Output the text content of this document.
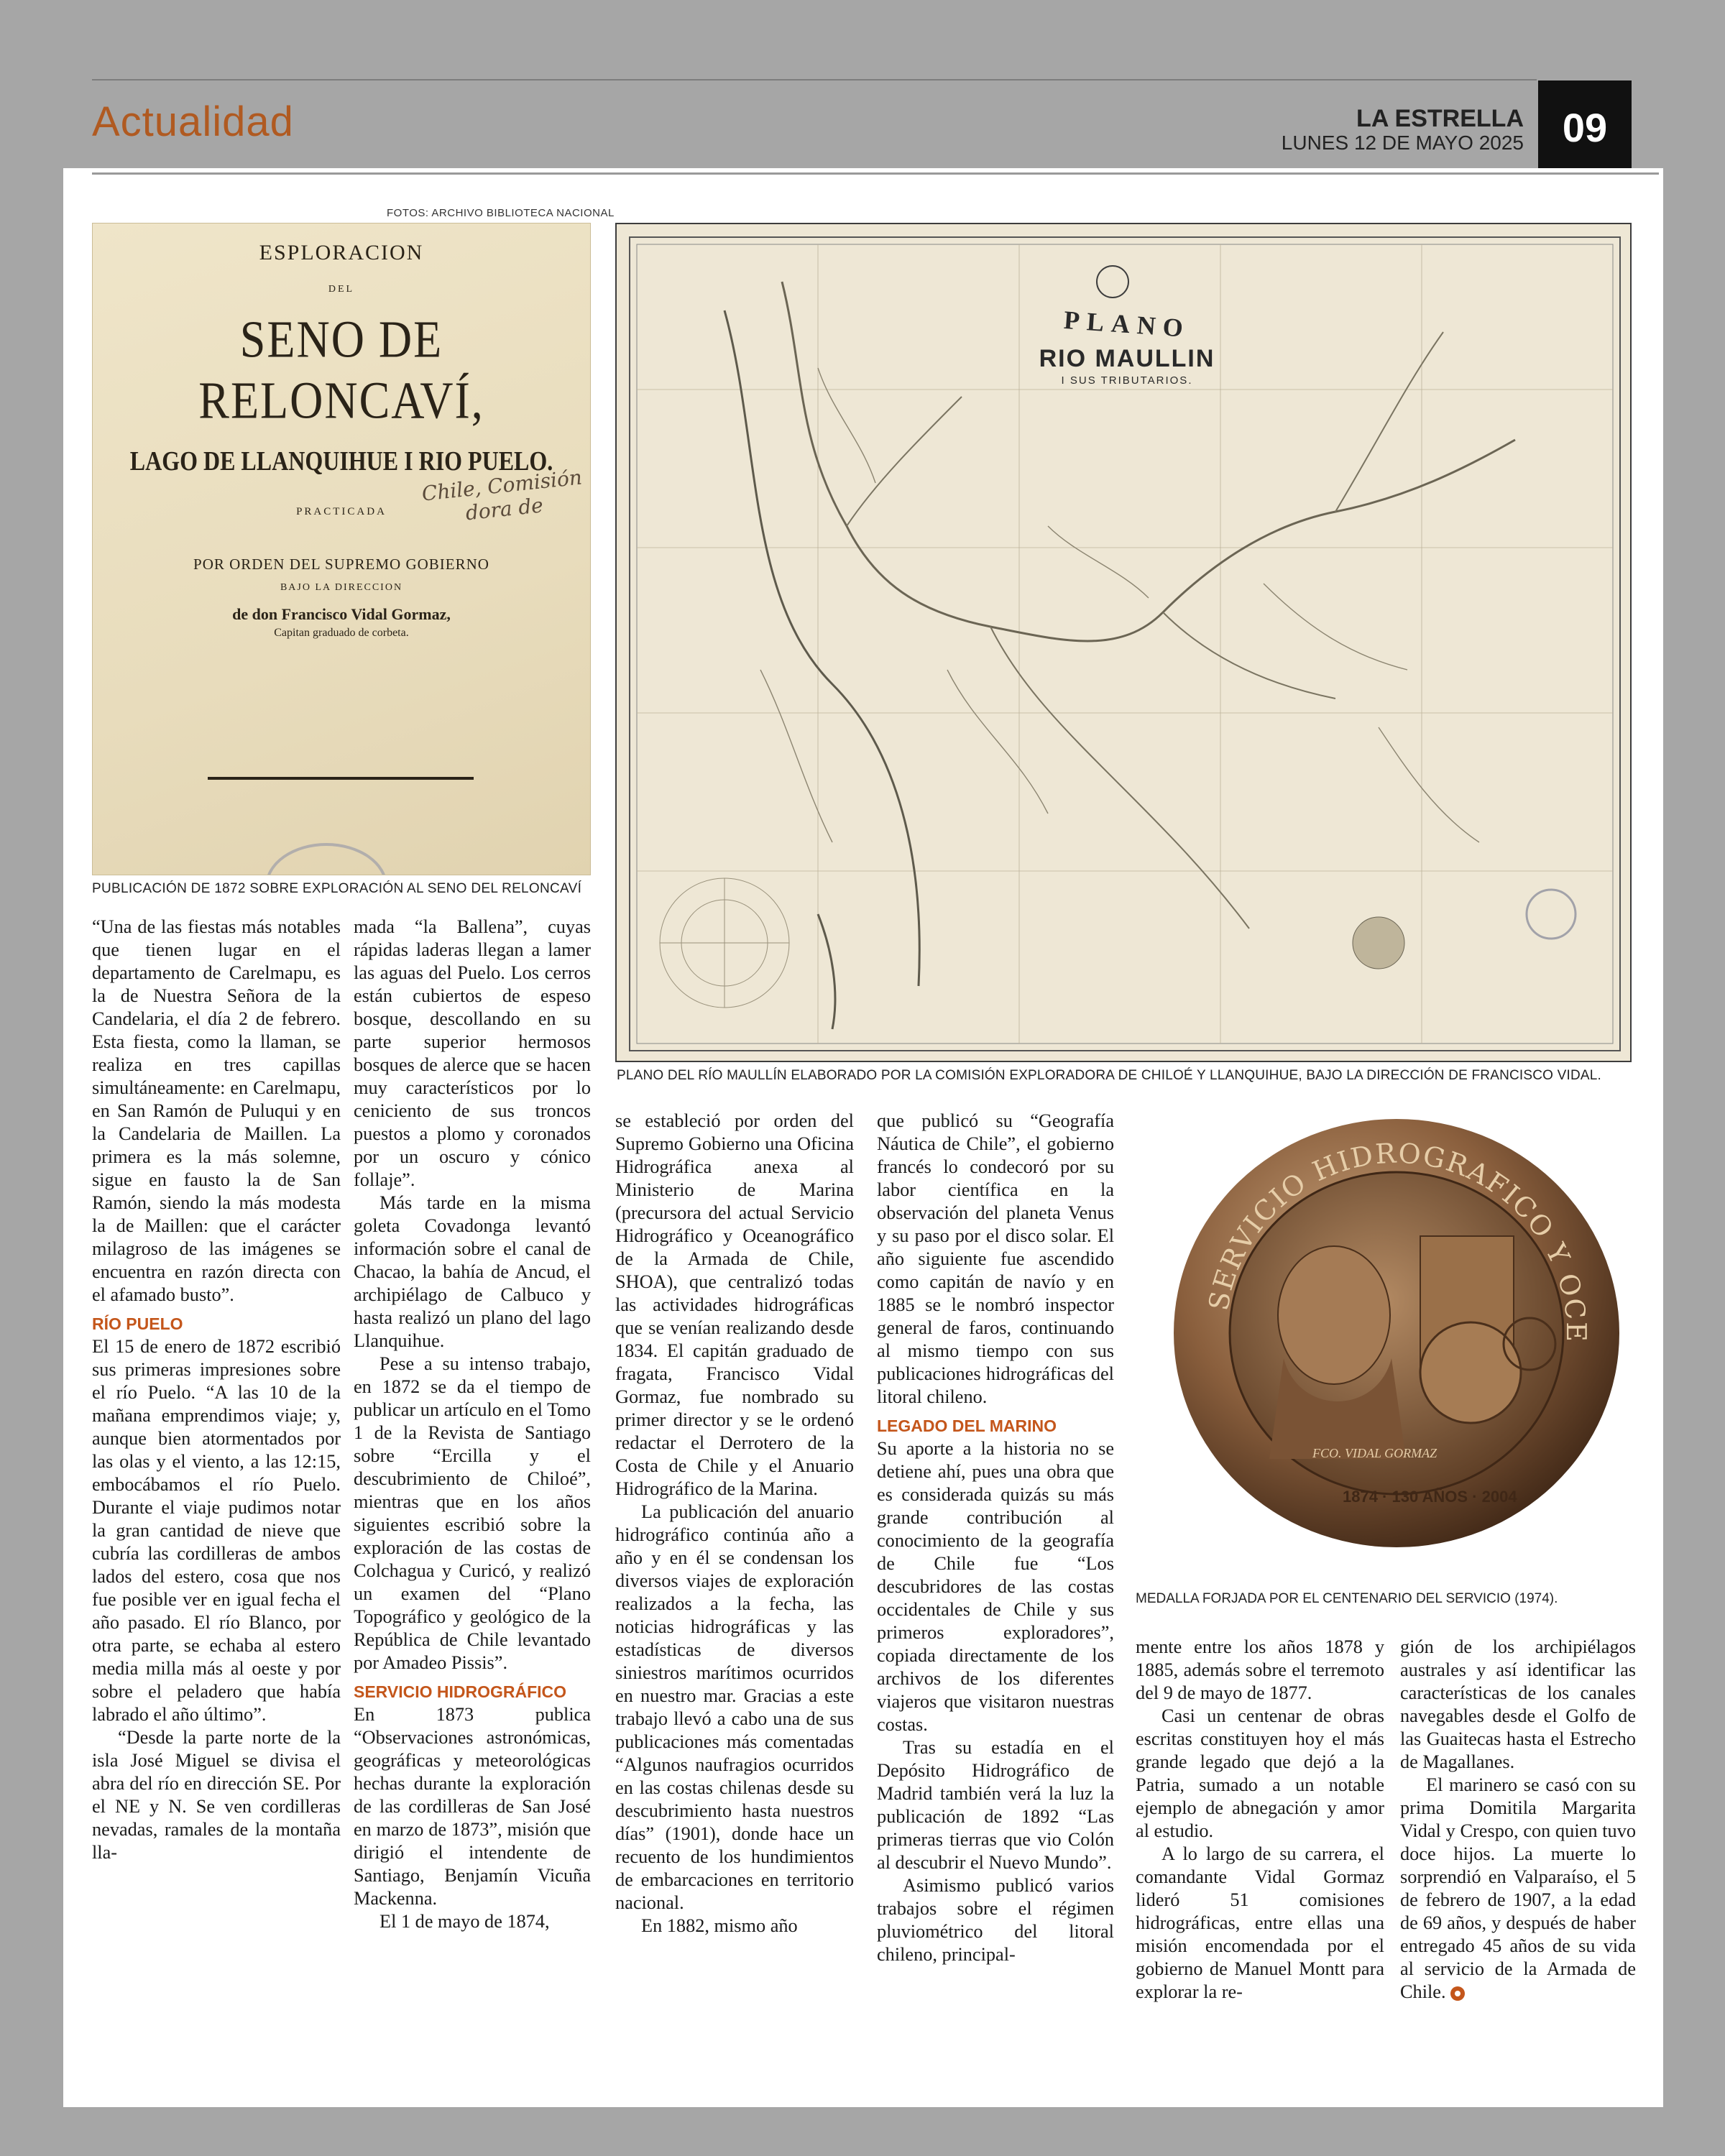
Actualidad	LA ESTRELLA
LUNES 12 DE MAYO 2025 09
FOTOS: ARCHIVO BIBLIOTECA NACIONAL
ESPLORACION
DEL
SENO DE RELONCAVÍ,
LAGO DE LLANQUIHUE I RIO PUELO.
PRACTICADA
POR ORDEN DEL SUPREMO GOBIERNO
BAJO LA DIRECCION
de don Francisco Vidal Gormaz,
Capitan graduado de corbeta.
Chile, Comisión dora de
1970
PUBLICACIÓN DE 1872 SOBRE EXPLORACIÓN AL SENO DEL RELONCAVÍ
PLANO
RIO MAULLIN
I SUS TRIBUTARIOS.
PLANO DEL RÍO MAULLÍN ELABORADO POR LA COMISIÓN EXPLORADORA DE CHILOÉ Y LLANQUIHUE, BAJO LA DIRECCIÓN DE FRANCISCO VIDAL.
SERVICIO HIDROGRAFICO Y OCE
FCO. VIDAL GORMAZ
1874 · 130 AÑOS · 2004
MEDALLA FORJADA POR EL CENTENARIO DEL SERVICIO (1974).

“Una de las fiestas más notables que tienen lugar en el departamento de Carelmapu, es la de Nuestra Señora de la Candelaria, el día 2 de febrero. Esta fiesta, como la llaman, se realiza en tres capillas simultáneamente: en Carelmapu, en San Ramón de Puluqui y en la Candelaria de Maillen. La primera es la más solemne, sigue en fausto la de San Ramón, siendo la más modesta la de Maillen: que el carácter milagroso de las imágenes se encuentra en razón directa con el afamado busto”.

RÍO PUELO

El 15 de enero de 1872 escribió sus primeras impresiones sobre el río Puelo. “A las 10 de la mañana emprendimos viaje; y, aunque bien atormentados por las olas y el viento, a las 12:15, embocábamos el río Puelo. Durante el viaje pudimos notar la gran cantidad de nieve que cubría las cordilleras de ambos lados del estero, cosa que nos fue posible ver en igual fecha el año pasado. El río Blanco, por otra parte, se echaba al estero media milla más al oeste y por sobre el peladero que había labrado el año último”.

“Desde la parte norte de la isla José Miguel se divisa el abra del río en dirección SE. Por el NE y N. Se ven cordilleras nevadas, ramales de la montaña lla-

mada “la Ballena”, cuyas rápidas laderas llegan a lamer las aguas del Puelo. Los cerros están cubiertos de espeso bosque, descollando en su parte superior hermosos bosques de alerce que se hacen muy característicos por lo ceniciento de sus troncos puestos a plomo y coronados por un oscuro y cónico follaje”.

Más tarde en la misma goleta Covadonga levantó información sobre el canal de Chacao, la bahía de Ancud, el archipiélago de Calbuco y hasta realizó un plano del lago Llanquihue.

Pese a su intenso trabajo, en 1872 se da el tiempo de publicar un artículo en el Tomo 1 de la Revista de Santiago sobre “Ercilla y el descubrimiento de Chiloé”, mientras que en los años siguientes escribió sobre la exploración de las costas de Colchagua y Curicó, y realizó un examen del “Plano Topográfico y geológico de la República de Chile levantado por Amadeo Pissis”.

SERVICIO HIDROGRÁFICO

En 1873 publica “Observaciones astronómicas, geográficas y meteorológicas hechas durante la exploración de las cordilleras de San José en marzo de 1873”, misión que dirigió el intendente de Santiago, Benjamín Vicuña Mackenna.

El 1 de mayo de 1874,

se estableció por orden del Supremo Gobierno una Oficina Hidrográfica anexa al Ministerio de Marina (precursora del actual Servicio Hidrográfico y Oceanográfico de la Armada de Chile, SHOA), que centralizó todas las actividades hidrográficas que se venían realizando desde 1834. El capitán graduado de fragata, Francisco Vidal Gormaz, fue nombrado su primer director y se le ordenó redactar el Derrotero de la Costa de Chile y el Anuario Hidrográfico de la Marina.

La publicación del anuario hidrográfico continúa año a año y en él se condensan los diversos viajes de exploración realizados a la fecha, las noticias hidrográficas y las estadísticas de diversos siniestros marítimos ocurridos en nuestro mar. Gracias a este trabajo llevó a cabo una de sus publicaciones más comentadas “Algunos naufragios ocurridos en las costas chilenas desde su descubrimiento hasta nuestros días” (1901), donde hace un recuento de los hundimientos de embarcaciones en territorio nacional.

En 1882, mismo año

que publicó su “Geografía Náutica de Chile”, el gobierno francés lo condecoró por su labor científica en la observación del planeta Venus y su paso por el disco solar. El año siguiente fue ascendido como capitán de navío y en 1885 se le nombró inspector general de faros, continuando al mismo tiempo con sus publicaciones hidrográficas del litoral chileno.

LEGADO DEL MARINO

Su aporte a la historia no se detiene ahí, pues una obra que es considerada quizás su más grande contribución al conocimiento de la geografía de Chile fue “Los descubridores de las costas occidentales de Chile y sus primeros exploradores”, copiada directamente de los archivos de los diferentes viajeros que visitaron nuestras costas.

Tras su estadía en el Depósito Hidrográfico de Madrid también verá la luz la publicación de 1892 “Las primeras tierras que vio Colón al descubrir el Nuevo Mundo”.

Asimismo publicó varios trabajos sobre el régimen pluviométrico del litoral chileno, principal-

mente entre los años 1878 y 1885, además sobre el terremoto del 9 de mayo de 1877.

Casi un centenar de obras escritas constituyen hoy el más grande legado que dejó a la Patria, sumado a un notable ejemplo de abnegación y amor al estudio.

A lo largo de su carrera, el comandante Vidal Gormaz lideró 51 comisiones hidrográficas, entre ellas una misión encomendada por el gobierno de Manuel Montt para explorar la re-

gión de los archipiélagos australes y así identificar las características de los canales navegables desde el Golfo de las Guaitecas hasta el Estrecho de Magallanes.

El marinero se casó con su prima Domitila Margarita Vidal y Crespo, con quien tuvo doce hijos. La muerte lo sorprendió en Valparaíso, el 5 de febrero de 1907, a la edad de 69 años, y después de haber entregado 45 años de su vida al servicio de la Armada de Chile.
